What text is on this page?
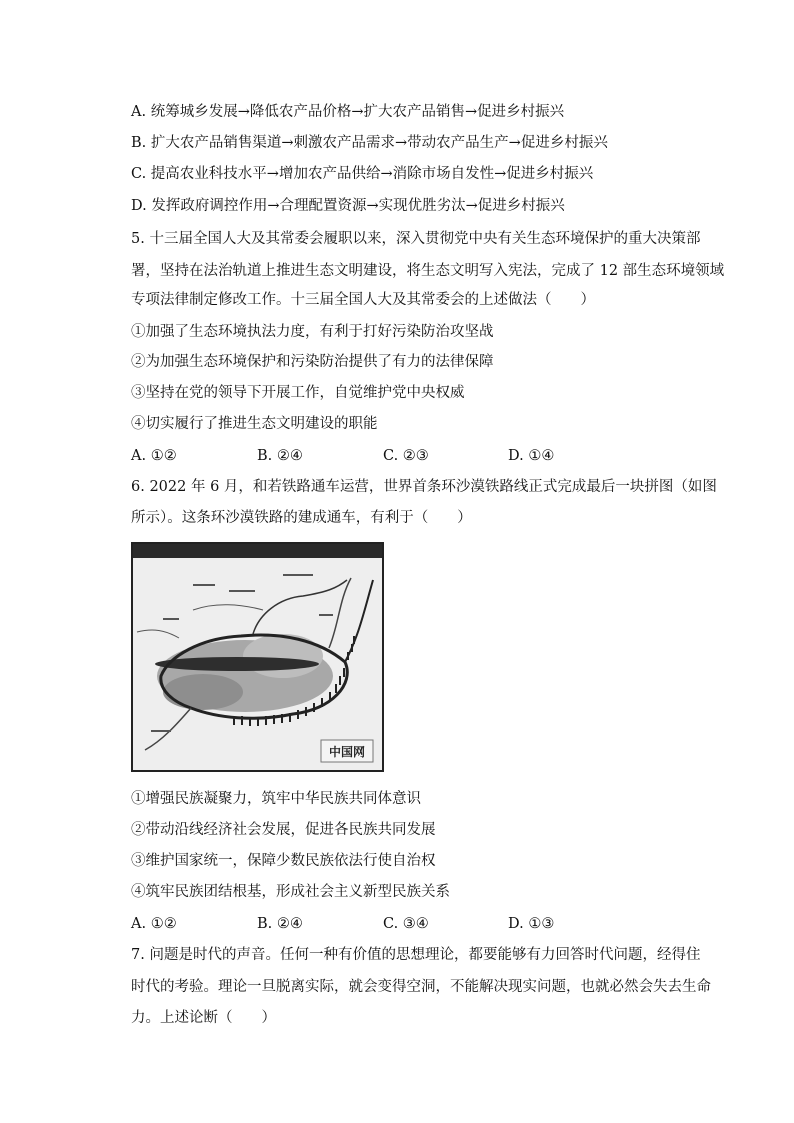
A. 统筹城乡发展→降低农产品价格→扩大农产品销售→促进乡村振兴
B. 扩大农产品销售渠道→刺激农产品需求→带动农产品生产→促进乡村振兴
C. 提高农业科技水平→增加农产品供给→消除市场自发性→促进乡村振兴
D. 发挥政府调控作用→合理配置资源→实现优胜劣汰→促进乡村振兴
5. 十三届全国人大及其常委会履职以来，深入贯彻党中央有关生态环境保护的重大决策部
署，坚持在法治轨道上推进生态文明建设，将生态文明写入宪法，完成了 12 部生态环境领域
专项法律制定修改工作。十三届全国人大及其常委会的上述做法（　　）
①加强了生态环境执法力度，有利于打好污染防治攻坚战
②为加强生态环境保护和污染防治提供了有力的法律保障
③坚持在党的领导下开展工作，自觉维护党中央权威
④切实履行了推进生态文明建设的职能
A. ①②	B. ②④	C. ②③	D. ①④
6. 2022 年 6 月，和若铁路通车运营，世界首条环沙漠铁路线正式完成最后一块拼图（如图
所示）。这条环沙漠铁路的建成通车，有利于（　　）
中国网
①增强民族凝聚力，筑牢中华民族共同体意识
②带动沿线经济社会发展，促进各民族共同发展
③维护国家统一，保障少数民族依法行使自治权
④筑牢民族团结根基，形成社会主义新型民族关系
A. ①②	B. ②④	C. ③④	D. ①③
7. 问题是时代的声音。任何一种有价值的思想理论，都要能够有力回答时代问题，经得住
时代的考验。理论一旦脱离实际，就会变得空洞，不能解决现实问题，也就必然会失去生命
力。上述论断（　　）
